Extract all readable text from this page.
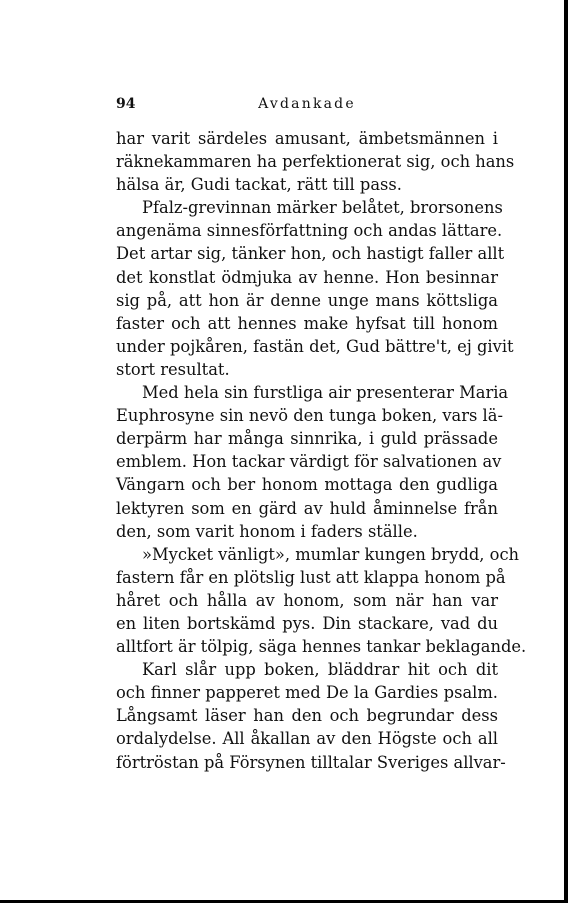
94	Avdankade
har varit särdeles amusant, ämbetsmännen i
räknekammaren ha perfektionerat sig, och hans
hälsa är, Gudi tackat, rätt till pass.
Pfalz-grevinnan märker belåtet, brorsonens
angenäma sinnesförfattning och andas lättare.
Det artar sig, tänker hon, och hastigt faller allt
det konstlat ödmjuka av henne. Hon besinnar
sig på, att hon är denne unge mans köttsliga
faster och att hennes make hyfsat till honom
under pojkåren, fastän det, Gud bättre't, ej givit
stort resultat.
Med hela sin furstliga air presenterar Maria
Euphrosyne sin nevö den tunga boken, vars lä-
derpärm har många sinnrika, i guld prässade
emblem. Hon tackar värdigt för salvationen av
Vängarn och ber honom mottaga den gudliga
lektyren som en gärd av huld åminnelse från
den, som varit honom i faders ställe.
»Mycket vänligt», mumlar kungen brydd, och
fastern får en plötslig lust att klappa honom på
håret och hålla av honom, som när han var
en liten bortskämd pys. Din stackare, vad du
alltfort är tölpig, säga hennes tankar beklagande.
Karl slår upp boken, bläddrar hit och dit
och finner papperet med De la Gardies psalm.
Långsamt läser han den och begrundar dess
ordalydelse. All åkallan av den Högste och all
förtröstan på Försynen tilltalar Sveriges allvar-
